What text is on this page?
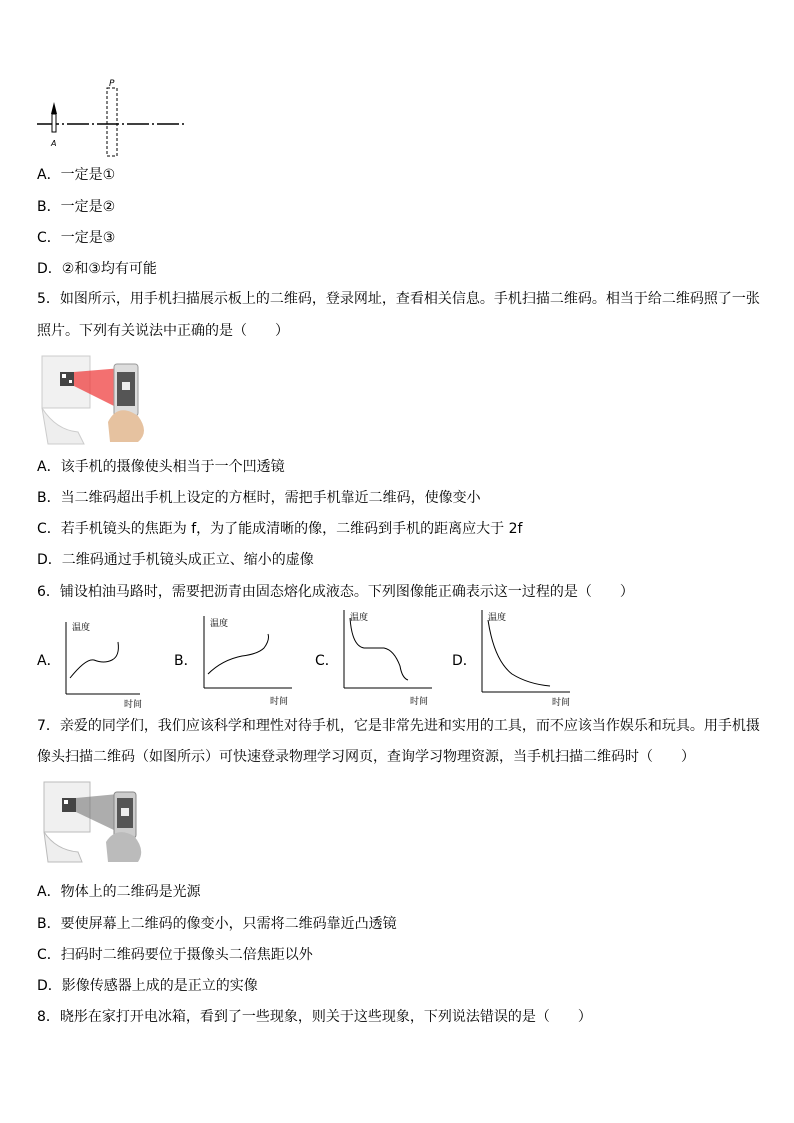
P
A
A．一定是①
B．一定是②
C．一定是③
D．②和③均有可能
5．如图所示，用手机扫描展示板上的二维码，登录网址，查看相关信息。手机扫描二维码。相当于给二维码照了一张
照片。下列有关说法中正确的是（　　）
A．该手机的摄像使头相当于一个凹透镜
B．当二维码超出手机上设定的方框时，需把手机靠近二维码，使像变小
C．若手机镜头的焦距为 f，为了能成清晰的像，二维码到手机的距离应大于 2f
D．二维码通过手机镜头成正立、缩小的虚像
6．铺设柏油马路时，需要把沥青由固态熔化成液态。下列图像能正确表示这一过程的是（　　）
A．
温度
时间
B．
温度
时间
C．
温度
时间
D．
温度
时间
7．亲爱的同学们，我们应该科学和理性对待手机，它是非常先进和实用的工具，而不应该当作娱乐和玩具。用手机摄
像头扫描二维码（如图所示）可快速登录物理学习网页，查询学习物理资源，当手机扫描二维码时（　　）
A．物体上的二维码是光源
B．要使屏幕上二维码的像变小，只需将二维码靠近凸透镜
C．扫码时二维码要位于摄像头二倍焦距以外
D．影像传感器上成的是正立的实像
8．晓彤在家打开电冰箱，看到了一些现象，则关于这些现象，下列说法错误的是（　　）
